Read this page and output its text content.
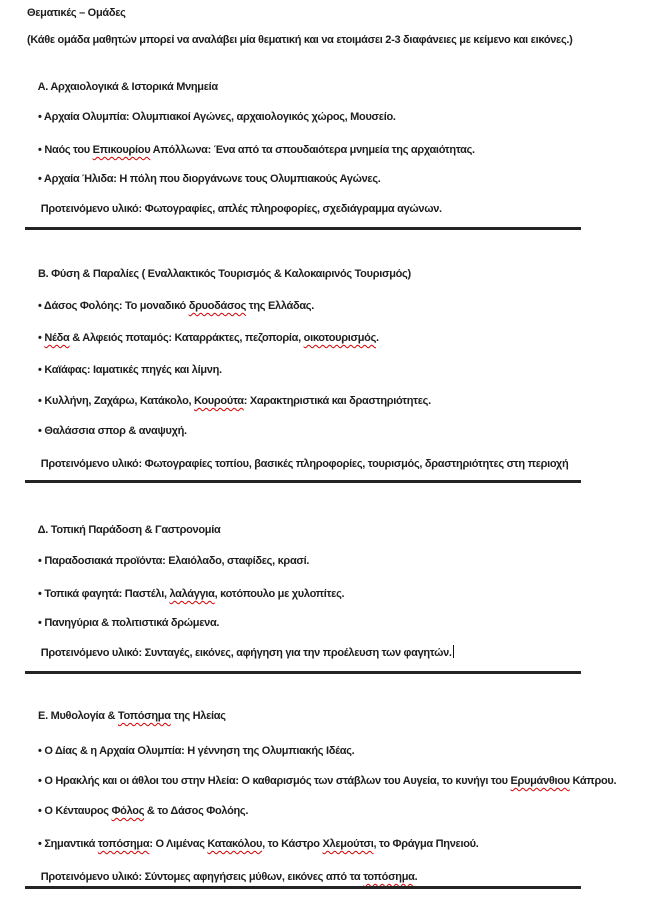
Θεματικές – Ομάδες
(Κάθε ομάδα μαθητών μπορεί να αναλάβει μία θεματική και να ετοιμάσει 2-3 διαφάνειες με κείμενο και εικόνες.)

Α. Αρχαιολογικά & Ιστορικά Μνημεία

• Αρχαία Ολυμπία: Ολυμπιακοί Αγώνες, αρχαιολογικός χώρος, Μουσείο.

• Ναός του Επικουρίου Απόλλωνα: Ένα από τα σπουδαιότερα μνημεία της αρχαιότητας.

• Αρχαία Ήλιδα: Η πόλη που διοργάνωνε τους Ολυμπιακούς Αγώνες.

Προτεινόμενο υλικό: Φωτογραφίες, απλές πληροφορίες, σχεδιάγραμμα αγώνων.

Β. Φύση & Παραλίες ( Εναλλακτικός Τουρισμός & Καλοκαιρινός Τουρισμός)

• Δάσος Φολόης: Το μοναδικό δρυοδάσος της Ελλάδας.

• Νέδα & Αλφειός ποταμός: Καταρράκτες, πεζοπορία, οικοτουρισμός.

• Καϊάφας: Ιαματικές πηγές και λίμνη.

• Κυλλήνη, Ζαχάρω, Κατάκολο, Κουρούτα: Χαρακτηριστικά και δραστηριότητες.

• Θαλάσσια σπορ & αναψυχή.

Προτεινόμενο υλικό: Φωτογραφίες τοπίου, βασικές πληροφορίες, τουρισμός, δραστηριότητες στη περιοχή

Δ. Τοπική Παράδοση & Γαστρονομία

• Παραδοσιακά προϊόντα: Ελαιόλαδο, σταφίδες, κρασί.

• Τοπικά φαγητά: Παστέλι, λαλάγγια, κοτόπουλο με χυλοπίτες.

• Πανηγύρια & πολιτιστικά δρώμενα.

Προτεινόμενο υλικό: Συνταγές, εικόνες, αφήγηση για την προέλευση των φαγητών.

Ε. Μυθολογία & Τοπόσημα της Ηλείας

• Ο Δίας & η Αρχαία Ολυμπία: Η γέννηση της Ολυμπιακής Ιδέας.

• Ο Ηρακλής και οι άθλοι του στην Ηλεία: Ο καθαρισμός των στάβλων του Αυγεία, το κυνήγι του Ερυμάνθιου Κάπρου.

• Ο Κένταυρος Φόλος & το Δάσος Φολόης.

• Σημαντικά τοπόσημα: Ο Λιμένας Κατακόλου, το Κάστρο Χλεμούτσι, το Φράγμα Πηνειού.

Προτεινόμενο υλικό: Σύντομες αφηγήσεις μύθων, εικόνες από τα τοπόσημα.
